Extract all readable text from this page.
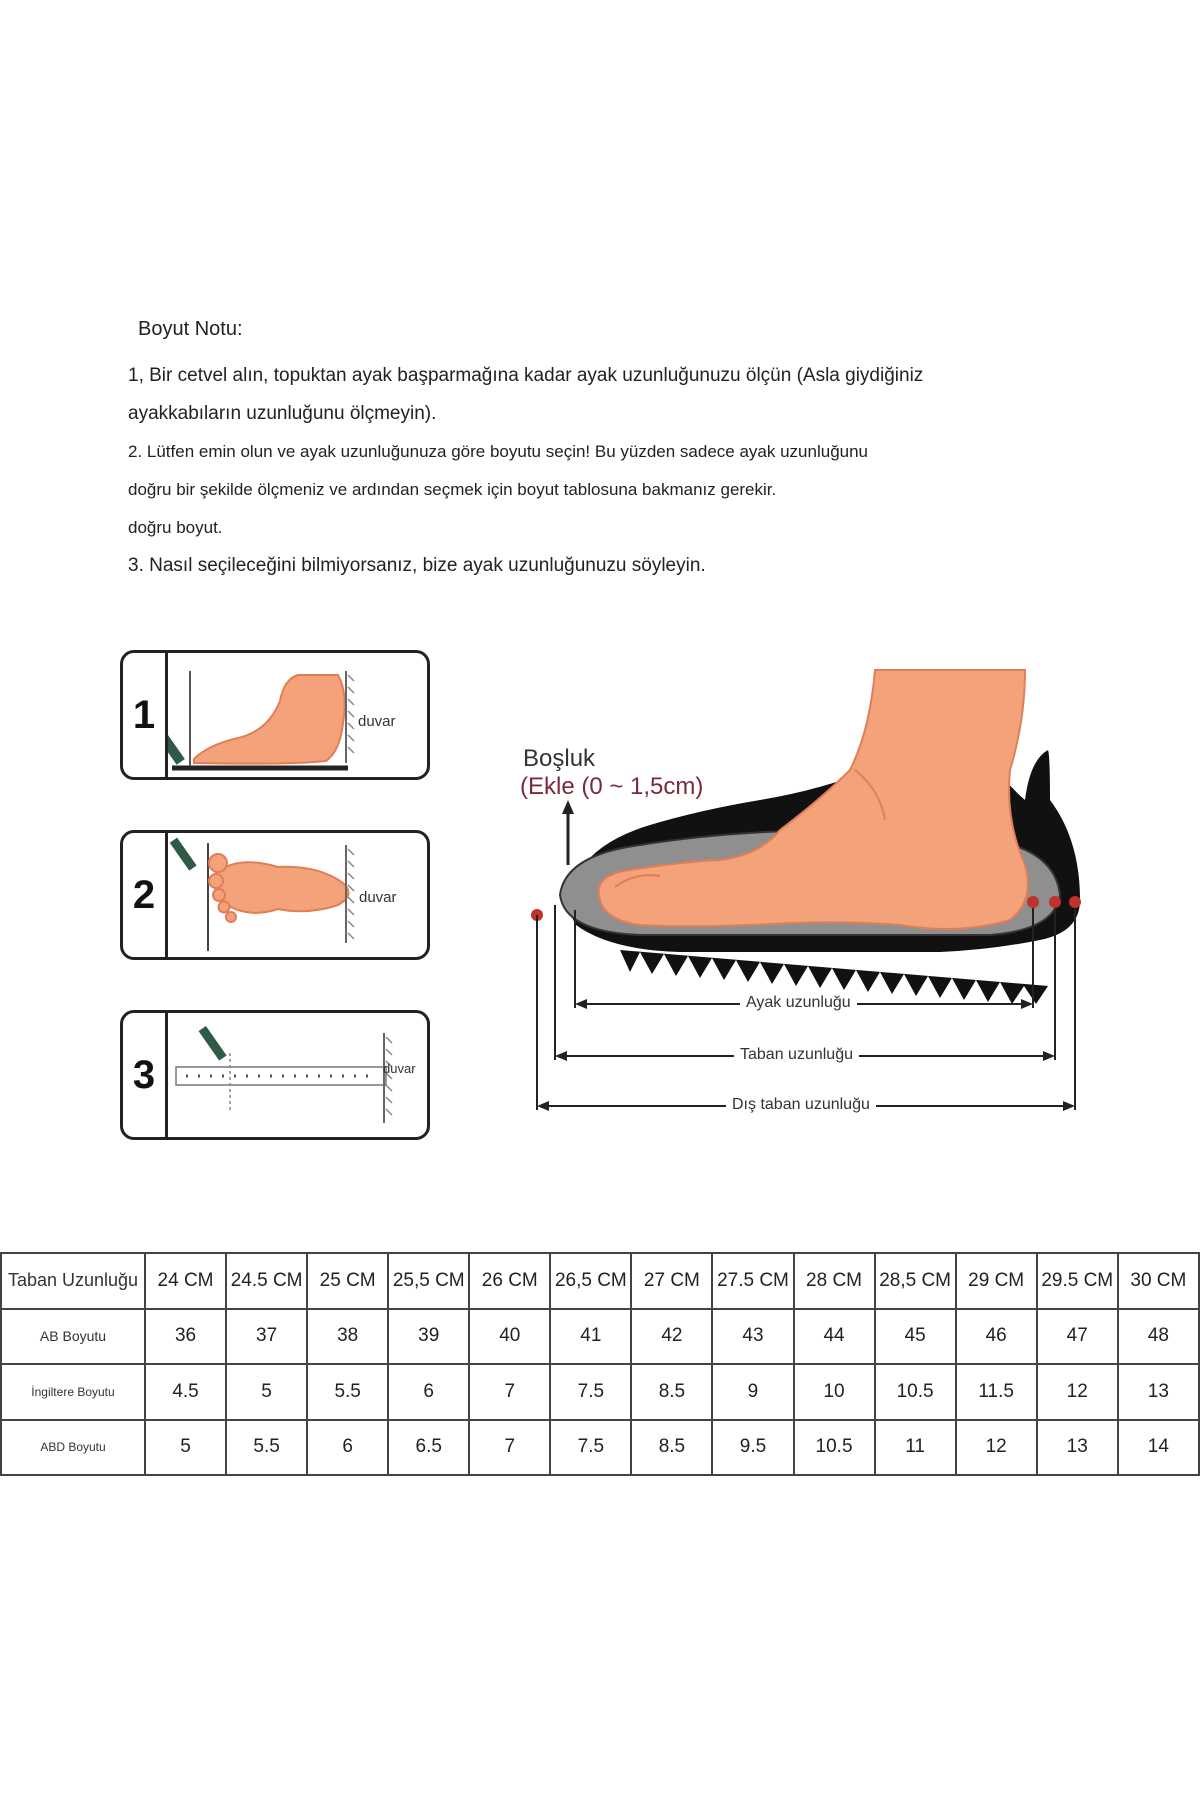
Boyut Notu:

1, Bir cetvel alın, topuktan ayak başparmağına kadar ayak uzunluğunuzu ölçün (Asla giydiğiniz

ayakkabıların uzunluğunu ölçmeyin).

2. Lütfen emin olun ve ayak uzunluğunuza göre boyutu seçin! Bu yüzden sadece ayak uzunluğunu

doğru bir şekilde ölçmeniz ve ardından seçmek için boyut tablosuna bakmanız gerekir.

doğru boyut.

3. Nasıl seçileceğini bilmiyorsanız, bize ayak uzunluğunuzu söyleyin.

1	duvar
2	duvar
3	duvar
Boşluk
(Ekle (0 ~ 1,5cm)
Ayak uzunluğu
Taban uzunluğu
Dış taban uzunluğu
Taban Uzunluğu	24 CM	24.5 CM	25 CM	25,5 CM	26 CM	26,5 CM	27 CM	27.5 CM	28 CM	28,5 CM	29 CM	29.5 CM	30 CM
AB Boyutu	36	37	38	39	40	41	42	43	44	45	46	47	48
İngiltere Boyutu	4.5	5	5.5	6	7	7.5	8.5	9	10	10.5	11.5	12	13
ABD Boyutu	5	5.5	6	6.5	7	7.5	8.5	9.5	10.5	11	12	13	14
